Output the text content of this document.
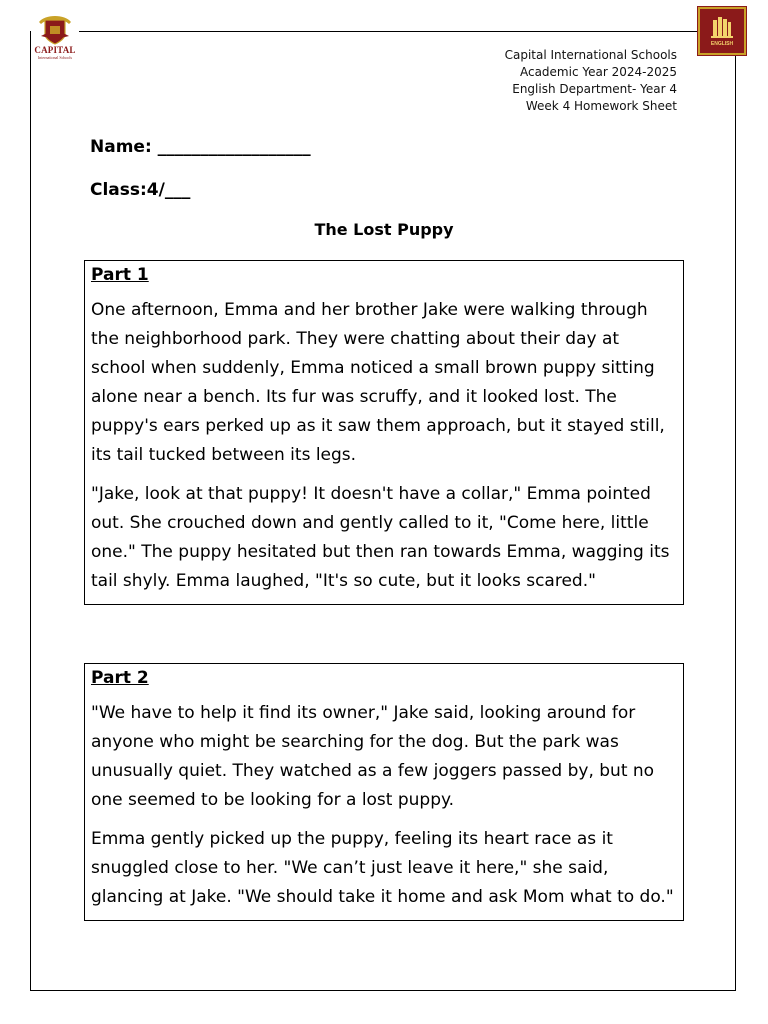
CAPITAL
International Schools
ENGLISH
Capital International Schools
Academic Year 2024-2025
English Department- Year 4
Week 4 Homework Sheet
Name: __________________
Class:4/___
The Lost Puppy
Part 1

One afternoon, Emma and her brother Jake were walking through the neighborhood park. They were chatting about their day at school when suddenly, Emma noticed a small brown puppy sitting alone near a bench. Its fur was scruffy, and it looked lost. The puppy's ears perked up as it saw them approach, but it stayed still, its tail tucked between its legs.

"Jake, look at that puppy! It doesn't have a collar," Emma pointed out. She crouched down and gently called to it, "Come here, little one." The puppy hesitated but then ran towards Emma, wagging its tail shyly. Emma laughed, "It's so cute, but it looks scared."

Part 2

"We have to help it find its owner," Jake said, looking around for anyone who might be searching for the dog. But the park was unusually quiet. They watched as a few joggers passed by, but no one seemed to be looking for a lost puppy.

Emma gently picked up the puppy, feeling its heart race as it snuggled close to her. "We can’t just leave it here," she said, glancing at Jake. "We should take it home and ask Mom what to do."
